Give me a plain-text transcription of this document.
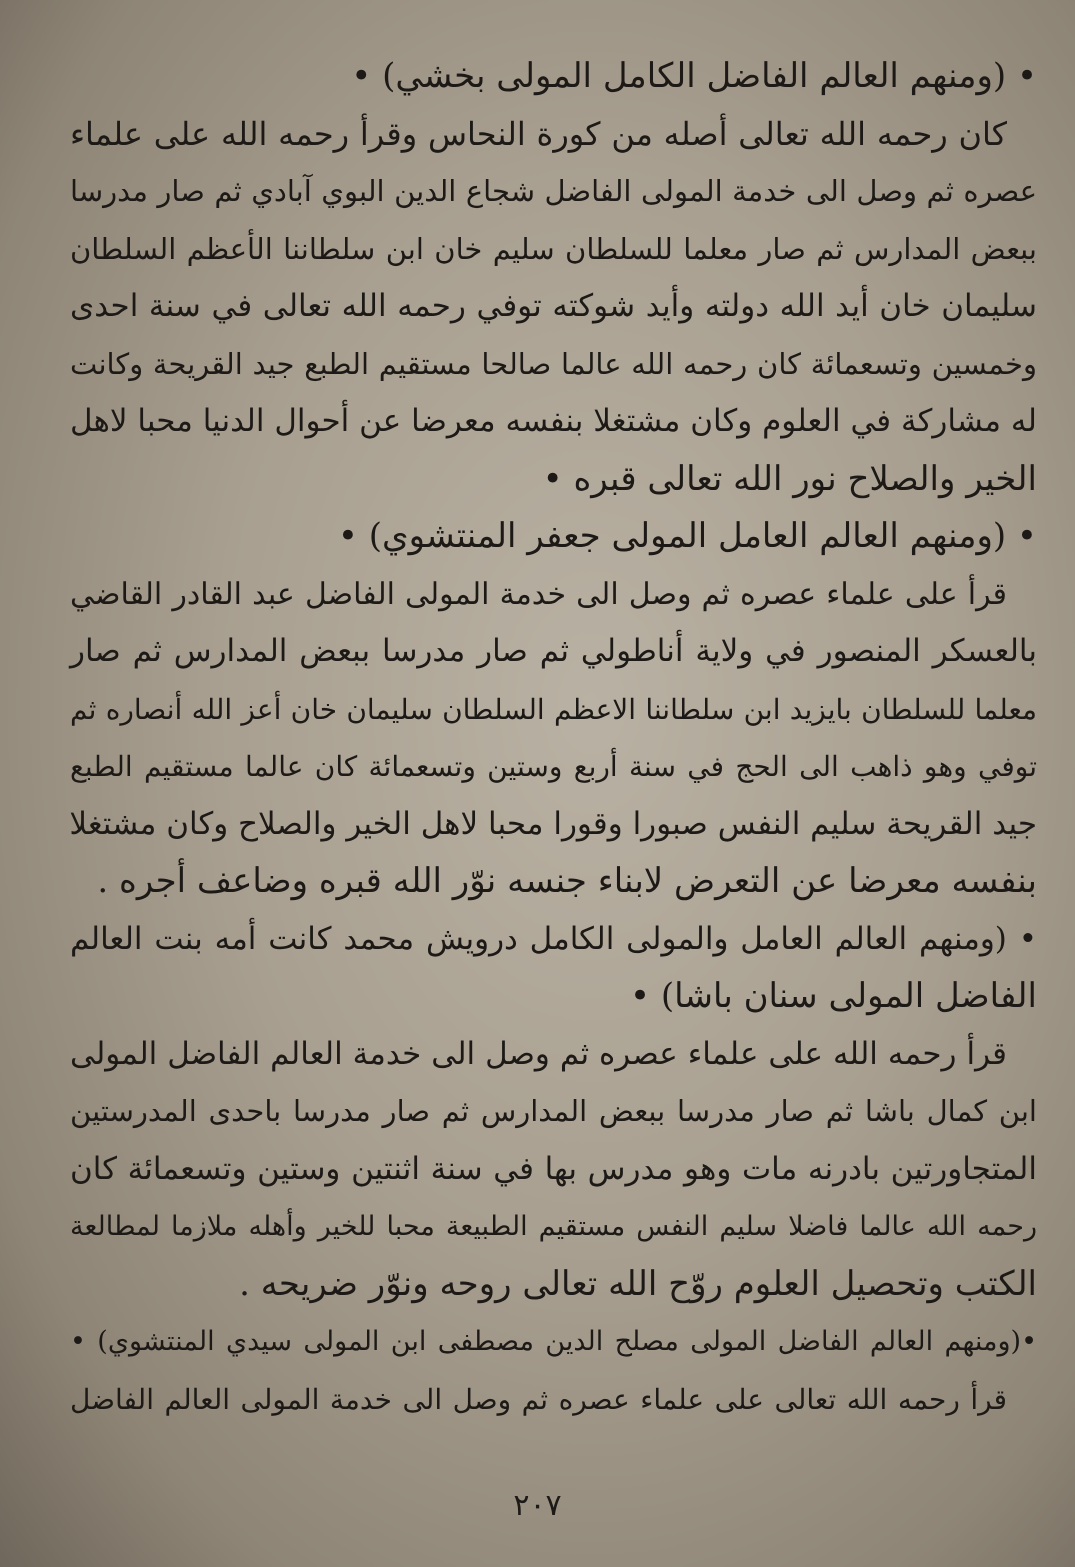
• (ومنهم العالم الفاضل الكامل المولى بخشي) •
كان رحمه الله تعالى أصله من كورة النحاس وقرأ رحمه الله على علماء
عصره ثم وصل الى خدمة المولى الفاضل شجاع الدين البوي آبادي ثم صار مدرسا
ببعض المدارس ثم صار معلما للسلطان سليم خان ابن سلطاننا الأعظم السلطان
سليمان خان أيد الله دولته وأيد شوكته توفي رحمه الله تعالى في سنة احدى
وخمسين وتسعمائة كان رحمه الله عالما صالحا مستقيم الطبع جيد القريحة وكانت
له مشاركة في العلوم وكان مشتغلا بنفسه معرضا عن أحوال الدنيا محبا لاهل
الخير والصلاح نور الله تعالى قبره •
• (ومنهم العالم العامل المولى جعفر المنتشوي) •
قرأ على علماء عصره ثم وصل الى خدمة المولى الفاضل عبد القادر القاضي
بالعسكر المنصور في ولاية أناطولي ثم صار مدرسا ببعض المدارس ثم صار
معلما للسلطان بايزيد ابن سلطاننا الاعظم السلطان سليمان خان أعز الله أنصاره ثم
توفي وهو ذاهب الى الحج في سنة أربع وستين وتسعمائة كان عالما مستقيم الطبع
جيد القريحة سليم النفس صبورا وقورا محبا لاهل الخير والصلاح وكان مشتغلا
بنفسه معرضا عن التعرض لابناء جنسه نوّر الله قبره وضاعف أجره .
• (ومنهم العالم العامل والمولى الكامل درويش محمد كانت أمه بنت العالم
الفاضل المولى سنان باشا) •
قرأ رحمه الله على علماء عصره ثم وصل الى خدمة العالم الفاضل المولى
ابن كمال باشا ثم صار مدرسا ببعض المدارس ثم صار مدرسا باحدى المدرستين
المتجاورتين بادرنه مات وهو مدرس بها في سنة اثنتين وستين وتسعمائة كان
رحمه الله عالما فاضلا سليم النفس مستقيم الطبيعة محبا للخير وأهله ملازما لمطالعة
الكتب وتحصيل العلوم روّح الله تعالى روحه ونوّر ضريحه .
•(ومنهم العالم الفاضل المولى مصلح الدين مصطفى ابن المولى سيدي المنتشوي) •
قرأ رحمه الله تعالى على علماء عصره ثم وصل الى خدمة المولى العالم الفاضل
٢٠٧
